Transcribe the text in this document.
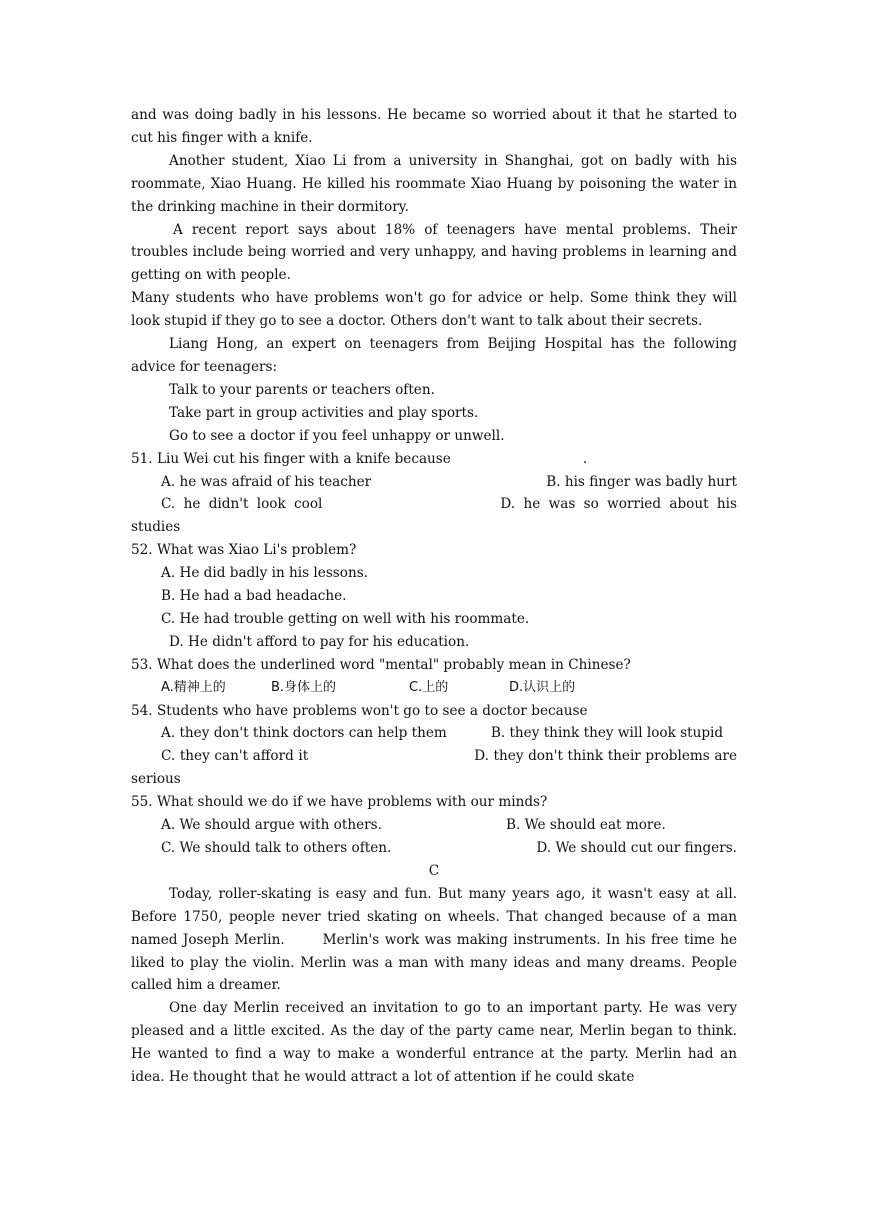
and was doing badly in his lessons. He became so worried about it that he started to cut his finger with a knife.

Another student, Xiao Li from a university in Shanghai, got on badly with his roommate, Xiao Huang. He killed his roommate Xiao Huang by poisoning the water in the drinking machine in their dormitory.

A recent report says about 18% of teenagers have mental problems. Their troubles include being worried and very unhappy, and having problems in learning and getting on with people.

Many students who have problems won't go for advice or help. Some think they will look stupid if they go to see a doctor. Others don't want to talk about their secrets.

Liang Hong, an expert on teenagers from Beijing Hospital has the following advice for teenagers:

Talk to your parents or teachers often.

Take part in group activities and play sports.

Go to see a doctor if you feel unhappy or unwell.

51. Liu Wei cut his finger with a knife because	.

A. he was afraid of his teacher	B. his finger was badly hurt

C. he didn't look cool	D. he was so worried about his studies

52. What was Xiao Li's problem?

A. He did badly in his lessons.

B. He had a bad headache.

C. He had trouble getting on well with his roommate.

D. He didn't afford to pay for his education.

53. What does the underlined word "mental" probably mean in Chinese?

A.精神上的	B.身体上的	C.上的	D.认识上的

54. Students who have problems won't go to see a doctor because

A. they don't think doctors can help them	B. they think they will look stupid

C. they can't afford it	D. they don't think their problems are serious

55. What should we do if we have problems with our minds?

A. We should argue with others.	B. We should eat more.
C. We should talk to others often.	D. We should cut our fingers.

C

Today, roller-skating is easy and fun. But many years ago, it wasn't easy at all. Before 1750, people never tried skating on wheels. That changed because of a man named Joseph Merlin.       Merlin's work was making instruments. In his free time he liked to play the violin. Merlin was a man with many ideas and many dreams. People called him a dreamer.

One day Merlin received an invitation to go to an important party. He was very pleased and a little excited. As the day of the party came near, Merlin began to think. He wanted to find a way to make a wonderful entrance at the party. Merlin had an idea. He thought that he would attract a lot of attention if he could skate
